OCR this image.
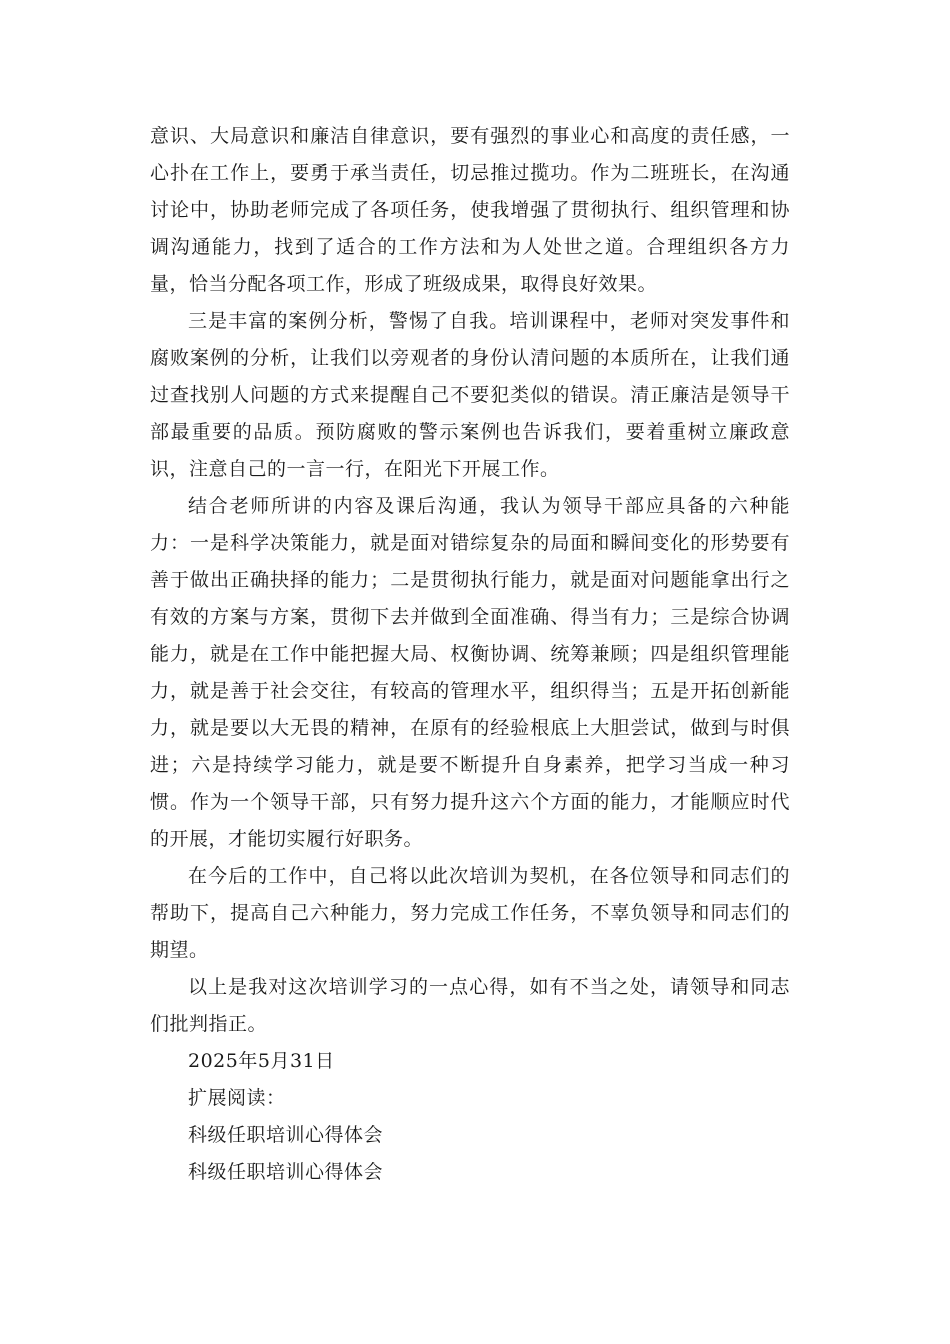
意识、大局意识和廉洁自律意识，要有强烈的事业心和高度的责任感，一心扑在工作上，要勇于承当责任，切忌推过揽功。作为二班班长，在沟通讨论中，协助老师完成了各项任务，使我增强了贯彻执行、组织管理和协调沟通能力，找到了适合的工作方法和为人处世之道。合理组织各方力量，恰当分配各项工作，形成了班级成果，取得良好效果。

三是丰富的案例分析，警惕了自我。培训课程中，老师对突发事件和腐败案例的分析，让我们以旁观者的身份认清问题的本质所在，让我们通过查找别人问题的方式来提醒自己不要犯类似的错误。清正廉洁是领导干部最重要的品质。预防腐败的警示案例也告诉我们，要着重树立廉政意识，注意自己的一言一行，在阳光下开展工作。

结合老师所讲的内容及课后沟通，我认为领导干部应具备的六种能力：一是科学决策能力，就是面对错综复杂的局面和瞬间变化的形势要有善于做出正确抉择的能力；二是贯彻执行能力，就是面对问题能拿出行之有效的方案与方案，贯彻下去并做到全面准确、得当有力；三是综合协调能力，就是在工作中能把握大局、权衡协调、统筹兼顾；四是组织管理能力，就是善于社会交往，有较高的管理水平，组织得当；五是开拓创新能力，就是要以大无畏的精神，在原有的经验根底上大胆尝试，做到与时俱进；六是持续学习能力，就是要不断提升自身素养，把学习当成一种习惯。作为一个领导干部，只有努力提升这六个方面的能力，才能顺应时代的开展，才能切实履行好职务。

在今后的工作中，自己将以此次培训为契机，在各位领导和同志们的帮助下，提高自己六种能力，努力完成工作任务，不辜负领导和同志们的期望。

以上是我对这次培训学习的一点心得，如有不当之处，请领导和同志们批判指正。

2025年5月31日

扩展阅读：

科级任职培训心得体会

科级任职培训心得体会
